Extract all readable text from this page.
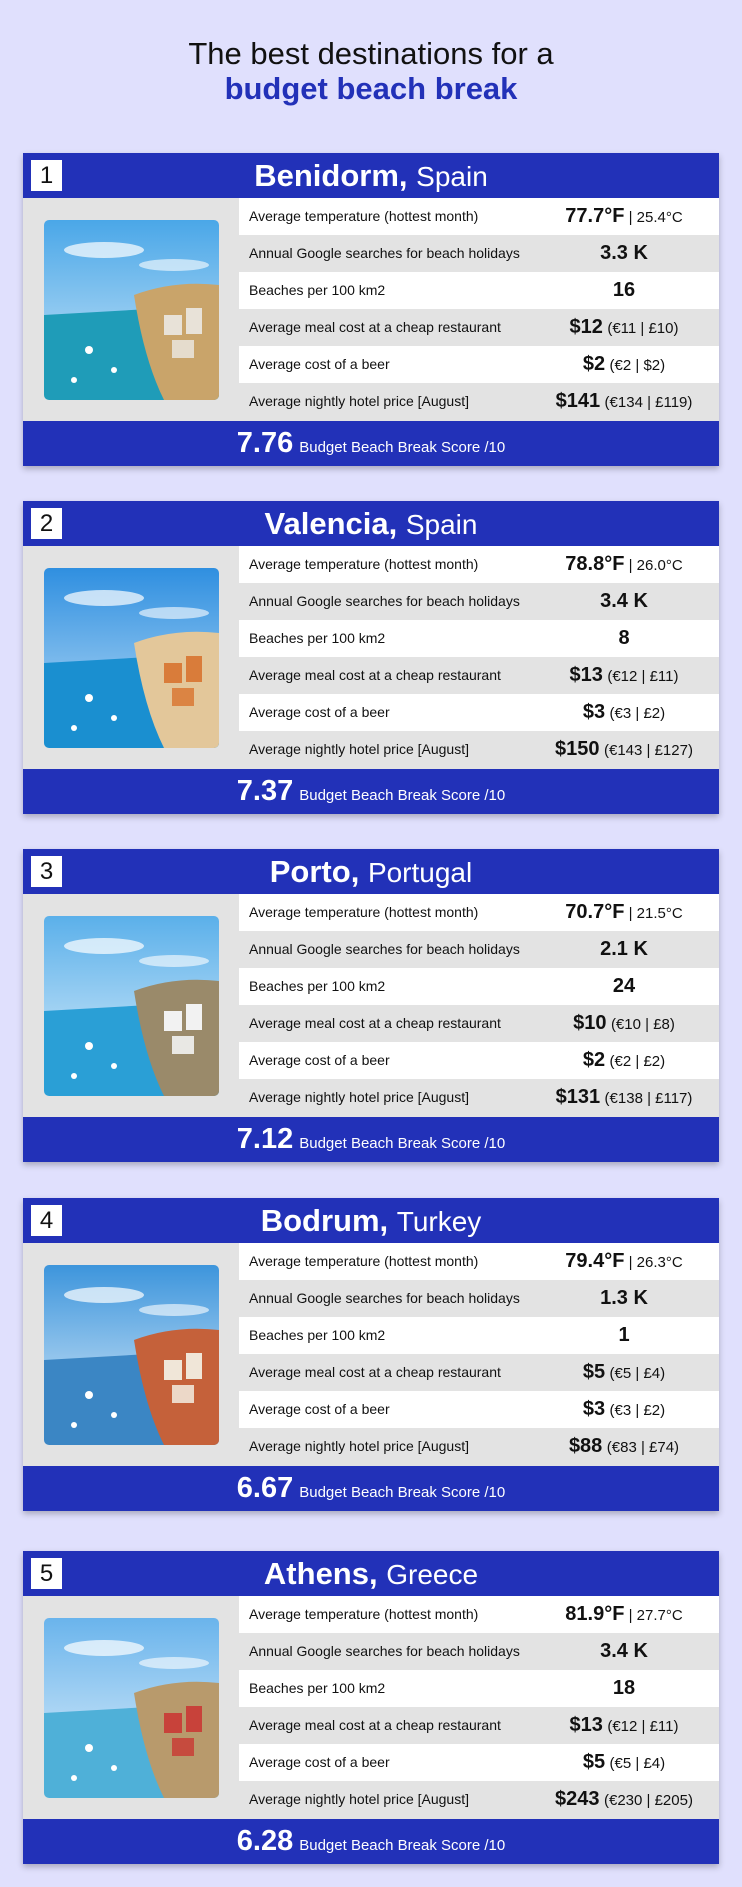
The best destinations for a
budget beach break
1	Benidorm, Spain
Average temperature (hottest month)	77.7°F | 25.4°C
Annual Google searches for beach holidays	3.3 K
Beaches per 100 km2	16
Average meal cost at a cheap restaurant	$12 (€11 | £10)
Average cost of a beer	$2 (€2 | $2)
Average nightly hotel price [August]	$141 (€134 | £119)
7.76 Budget Beach Break Score /10
2	Valencia, Spain
Average temperature (hottest month)	78.8°F | 26.0°C
Annual Google searches for beach holidays	3.4 K
Beaches per 100 km2	8
Average meal cost at a cheap restaurant	$13 (€12 | £11)
Average cost of a beer	$3 (€3 | £2)
Average nightly hotel price [August]	$150 (€143 | £127)
7.37 Budget Beach Break Score /10
3	Porto, Portugal
Average temperature (hottest month)	70.7°F | 21.5°C
Annual Google searches for beach holidays	2.1 K
Beaches per 100 km2	24
Average meal cost at a cheap restaurant	$10 (€10 | £8)
Average cost of a beer	$2 (€2 | £2)
Average nightly hotel price [August]	$131 (€138 | £117)
7.12 Budget Beach Break Score /10
4	Bodrum, Turkey
Average temperature (hottest month)	79.4°F | 26.3°C
Annual Google searches for beach holidays	1.3 K
Beaches per 100 km2	1
Average meal cost at a cheap restaurant	$5 (€5 | £4)
Average cost of a beer	$3 (€3 | £2)
Average nightly hotel price [August]	$88 (€83 | £74)
6.67 Budget Beach Break Score /10
5	Athens, Greece
Average temperature (hottest month)	81.9°F | 27.7°C
Annual Google searches for beach holidays	3.4 K
Beaches per 100 km2	18
Average meal cost at a cheap restaurant	$13 (€12 | £11)
Average cost of a beer	$5 (€5 | £4)
Average nightly hotel price [August]	$243 (€230 | £205)
6.28 Budget Beach Break Score /10
